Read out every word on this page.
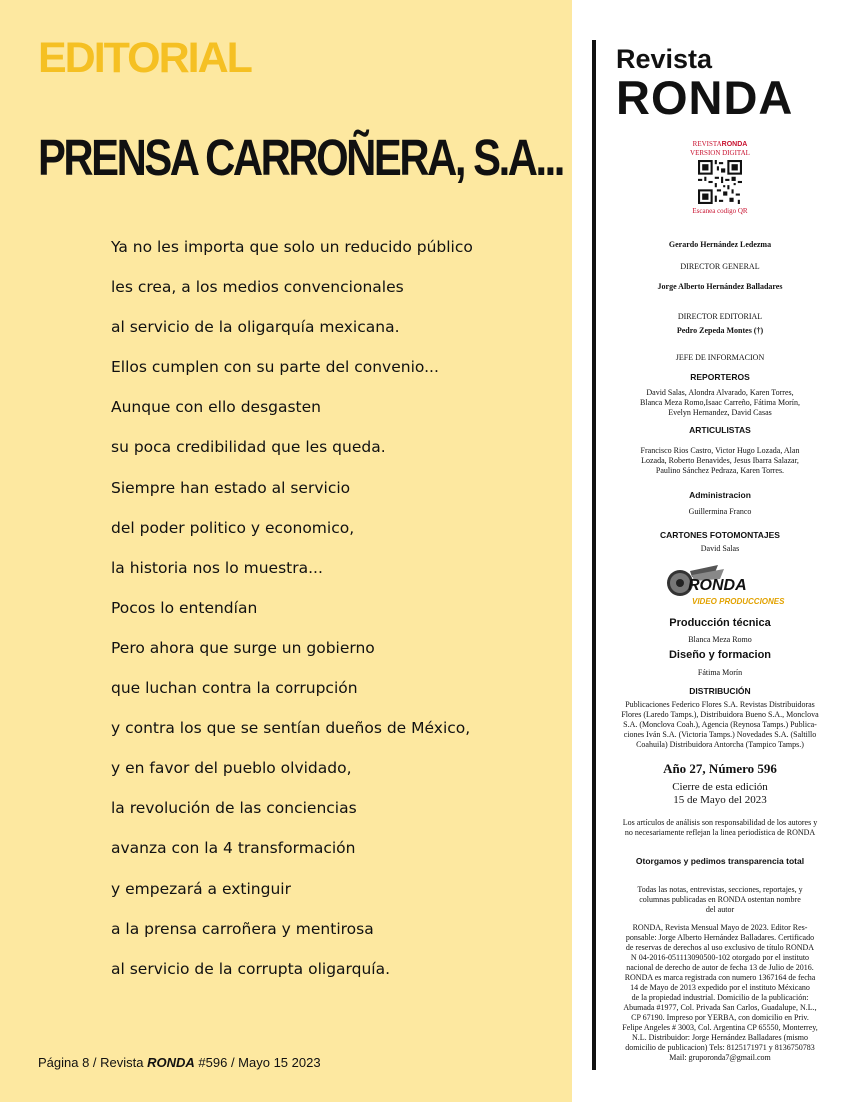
EDITORIAL
PRENSA CARROÑERA, S.A...
Ya no les importa que solo un reducido público
les crea, a los medios convencionales
al servicio de la oligarquía mexicana.
Ellos cumplen con su parte del convenio...
Aunque con ello desgasten
su poca credibilidad que les queda.
Siempre han estado al servicio
del poder politico y economico,
la historia nos lo muestra...
Pocos lo entendían
Pero ahora que surge un gobierno
que luchan contra la corrupción
y contra los que se sentían dueños de México,
y en favor del pueblo olvidado,
la revolución de las conciencias
avanza con la 4 transformación
y empezará a extinguir
a la prensa carroñera y mentirosa
al servicio de la corrupta oligarquía.
Página 8 / Revista RONDA #596 / Mayo 15 2023
Revista
RONDA
REVISTARONDA
VERSION DIGITAL
Escanea codigo QR
Gerardo Hernández Ledezma
DIRECTOR GENERAL
Jorge Alberto Hernández Balladares
DIRECTOR EDITORIAL
Pedro Zepeda Montes (†)
JEFE DE INFORMACION
REPORTEROS
David Salas, Alondra Alvarado, Karen Torres,
Blanca Meza Romo,Isaac Carreño, Fátima Morín,
Evelyn Hernandez, David Casas
ARTICULISTAS
Francisco Rios Castro, Victor Hugo Lozada, Alan
Lozada, Roberto Benavides, Jesus Ibarra Salazar,
Paulino Sánchez Pedraza, Karen Torres.
Administracion
Guillermina Franco
CARTONES FOTOMONTAJES
David Salas
RONDA
VIDEO PRODUCCIONES
Producción técnica
Blanca Meza Romo
Diseño y formacion
Fátima Morín
DISTRIBUCIÓN
Publicaciones Federico Flores S.A. Revistas Distribuidoras
Flores (Laredo Tamps.), Distribuidora Bueno S.A., Monclova
S.A. (Monclova Coah.), Agencia (Reynosa Tamps.) Publica-
ciones Iván S.A. (Victoria Tamps.) Novedades S.A. (Saltillo
Coahuila) Distribuidora Antorcha (Tampico Tamps.)
Año 27, Número 596
Cierre de esta edición
15 de Mayo del 2023
Los artículos de análisis son responsabilidad de los autores y
no necesariamente reflejan la linea periodística de RONDA
Otorgamos y pedimos transparencia total
Todas las notas, entrevistas, secciones, reportajes, y
columnas publicadas en RONDA ostentan nombre
del autor
RONDA, Revista Mensual Mayo de 2023. Editor Res-
ponsable: Jorge Alberto Hernández Balladares. Certificado
de reservas de derechos al uso exclusivo de título RONDA
N 04-2016-051113090500-102 otorgado por el instituto
nacional de derecho de autor de fecha 13 de Julio de 2016.
RONDA es marca registrada con numero 1367164 de fecha
14 de Mayo de 2013 expedido por el instituto Méxicano
de la propiedad industrial. Domicilio de la publicación:
Abumada #1977, Col. Privada San Carlos, Guadalupe, N.L.,
CP 67190. Impreso por YERBA, con domicilio en Priv.
Felipe Angeles # 3003, Col. Argentina CP 65550, Monterrey,
N.L. Distribuidor: Jorge Hernández Balladares (mismo
domicilio de publicacion) Tels: 8125171971 y 8136750783
Mail: gruporonda7@gmail.com
